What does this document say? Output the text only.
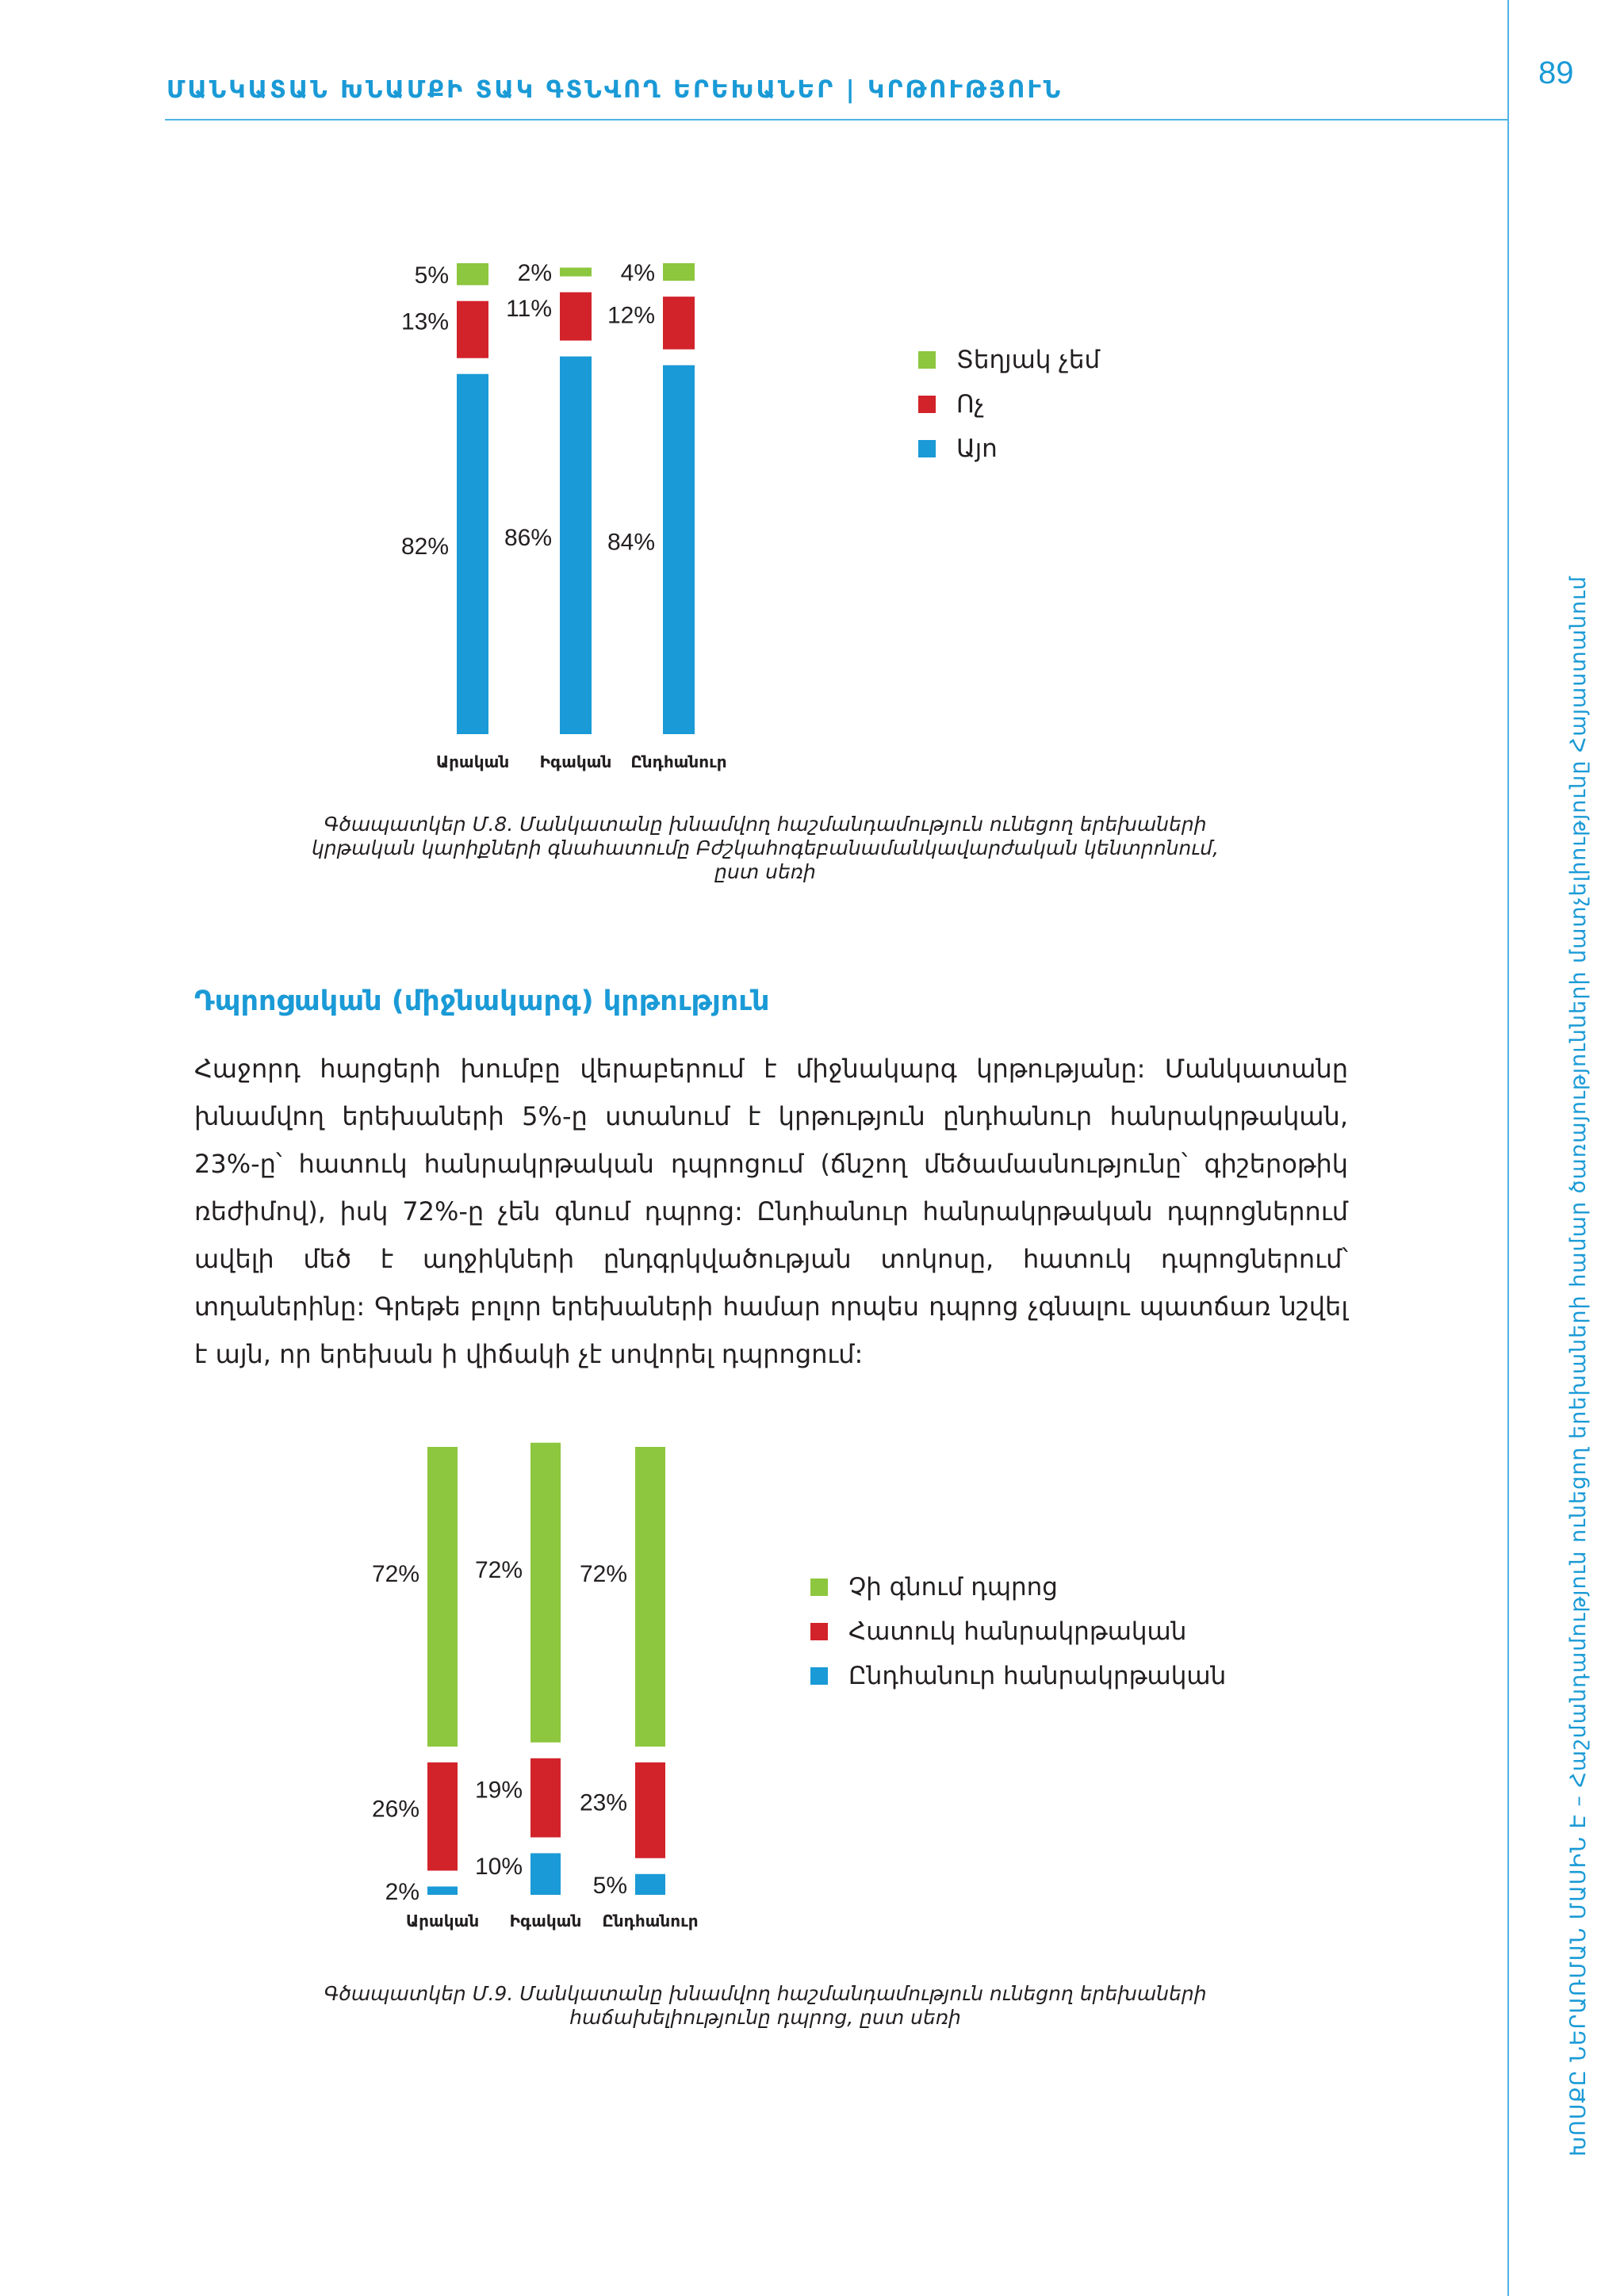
ՄԱՆԿԱՏԱՆ ԽՆԱՄՔԻ ՏԱԿ ԳՏՆՎՈՂ ԵՐԵԽԱՆԵՐ | ԿՐԹՈՒԹՅՈՒՆ	89
ԽՈՍՔԸ ՆԵՐԱՌՄԱՆ ՄԱՍԻՆ Է – Հաշմանդամություն ունեցող երեխաների համար ծառայությունների մատչելիությունը Հայաստանում
82%
13%
5%
Արական
86%
11%
2%
Իգական
84%
12%
4%
Ընդհանուր
Տեղյակ չեմ
Ոչ
Այո
Գծապատկեր Մ.8. Մանկատանը խնամվող հաշմանդամություն ունեցող երեխաների
կրթական կարիքների գնահատումը Բժշկահոգեբանամանկավարժական կենտրոնում,
ըստ սեռի
Դպրոցական (միջնակարգ) կրթություն
Հաջորդ հարցերի խումբը վերաբերում է միջնակարգ կրթությանը: Մանկատանը խնամվող երեխաների 5%-ը ստանում է կրթություն ընդհանուր հանրակրթական, 23%-ը՝ հատուկ հանրակրթական դպրոցում (ճնշող մեծամասնությունը՝ գիշերօթիկ ռեժիմով), իսկ 72%-ը չեն գնում դպրոց: Ընդհանուր հանրակրթական դպրոցներում ավելի մեծ է աղջիկների ընդգրկվածության տոկոսը, հատուկ դպրոցներում՝ տղաներինը: Գրեթե բոլոր երեխաների համար որպես դպրոց չգնալու պատճառ նշվել է այն, որ երեխան ի վիճակի չէ սովորել դպրոցում:
2%
26%
72%
Արական
10%
19%
72%
Իգական
5%
23%
72%
Ընդհանուր
Չի գնում դպրոց
Հատուկ հանրակրթական
Ընդհանուր հանրակրթական
Գծապատկեր Մ.9. Մանկատանը խնամվող հաշմանդամություն ունեցող երեխաների
հաճախելիությունը դպրոց, ըստ սեռի
